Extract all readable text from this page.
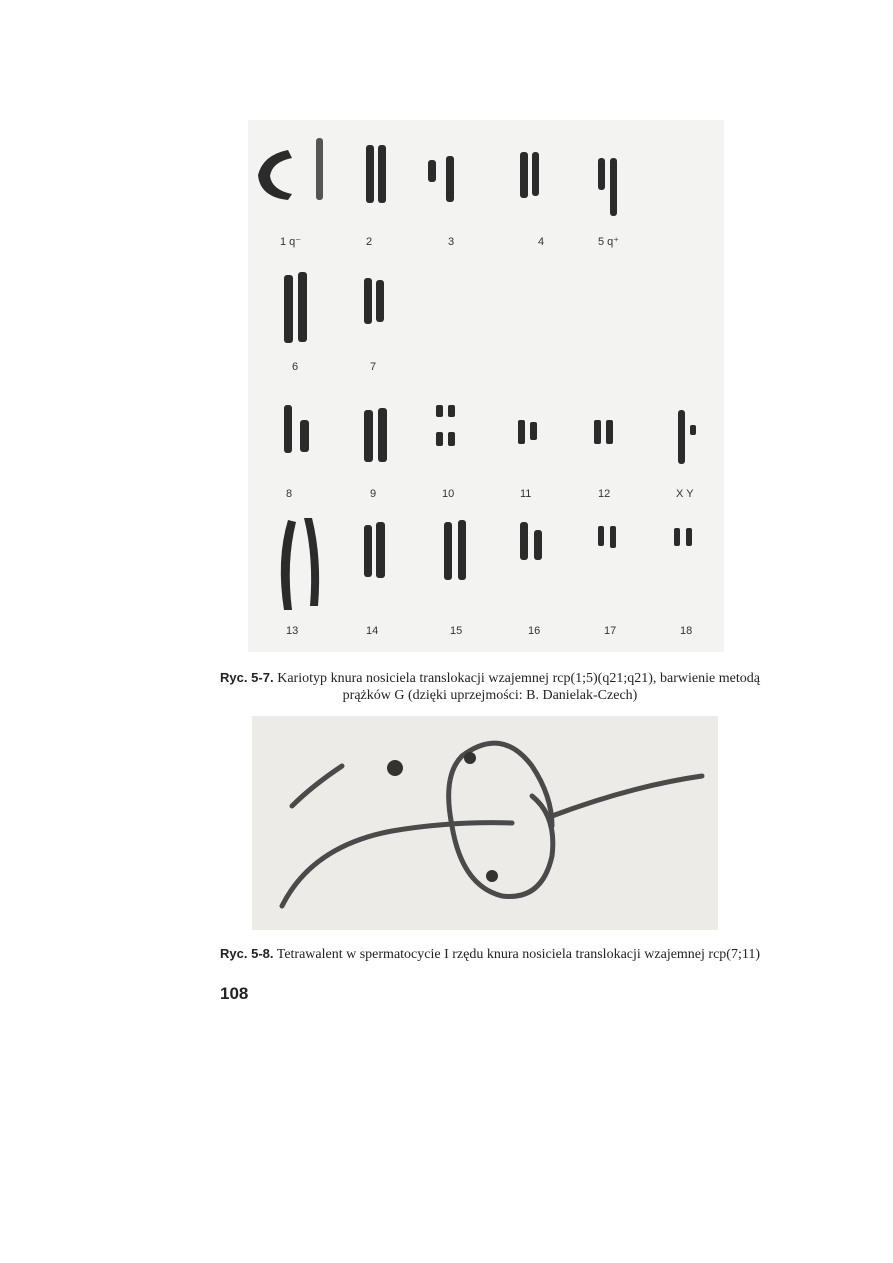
1 q⁻	2	3	4	5 q⁺
6	7
8	9	10	11	12	X Y
13	14	15	16	17	18
Ryc. 5-7. Kariotyp knura nosiciela translokacji wzajemnej rcp(1;5)(q21;q21), barwienie metodą prążków G (dzięki uprzejmości: B. Danielak-Czech)
Ryc. 5-8. Tetrawalent w spermatocycie I rzędu knura nosiciela translokacji wzajemnej rcp(7;11)
108
